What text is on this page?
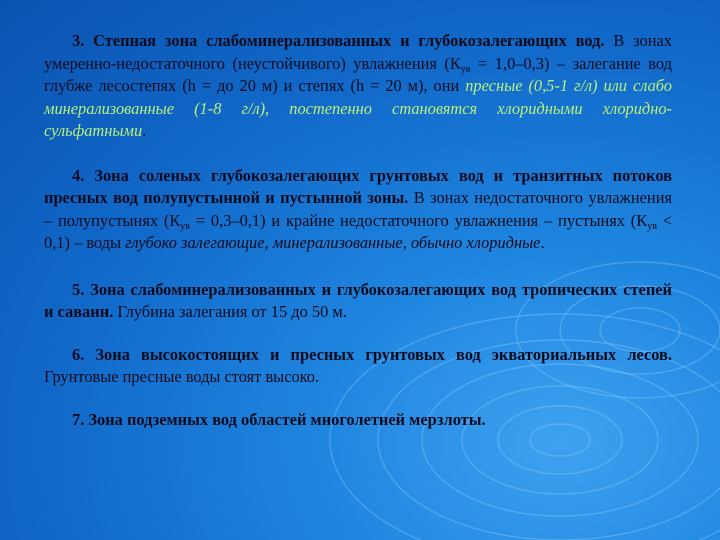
3. Степная зона слабоминерализованных и глубокозалегающих вод. В зонах умеренно-недостаточного (неустойчивого) увлажнения $(К_{ув} = 1,0-0,3)$ – залегание вод глубже лесостепях (h = до 20 м) и степях (h = 20 м), они пресные (0,5-1 г/л) или слабо минерализованные (1-8 г/л), постепенно становятся хлоридными хлоридно-сульфатными.

4. Зона соленых глубокозалегающих грунтовых вод и транзитных потоков пресных вод полупустынной и пустынной зоны. В зонах недостаточного увлажнения – полупустынях $(К_{ув} = 0,3-0,1)$ и крайне недостаточного увлажнения – пустынях $(К_{ув} < 0,1)$ – воды глубоко залегающие, минерализованные, обычно хлоридные.

5. Зона слабоминерализованных и глубокозалегающих вод тропических степей и саванн. Глубина залегания от 15 до 50 м.

6. Зона высокостоящих и пресных грунтовых вод экваториальных лесов. Грунтовые пресные воды стоят высоко.

7. Зона подземных вод областей многолетней мерзлоты.
